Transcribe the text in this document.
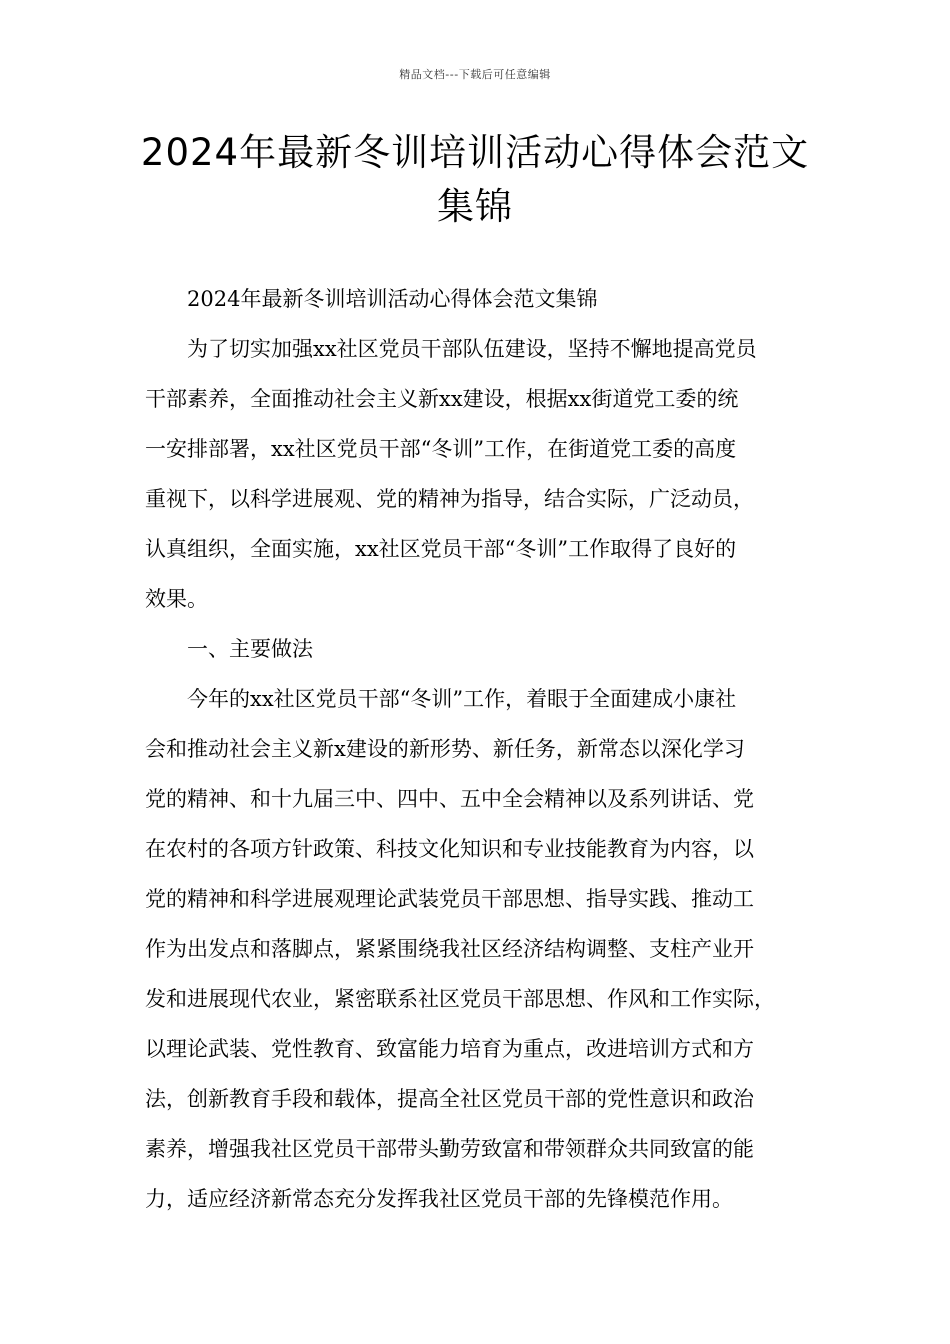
精品文档---下载后可任意编辑
2024年最新冬训培训活动心得体会范文
集锦

2024年最新冬训培训活动心得体会范文集锦

为了切实加强xx社区党员干部队伍建设，坚持不懈地提高党员
干部素养，全面推动社会主义新xx建设，根据xx街道党工委的统
一安排部署，xx社区党员干部“冬训”工作，在街道党工委的高度
重视下，以科学进展观、党的精神为指导，结合实际，广泛动员，
认真组织，全面实施，xx社区党员干部“冬训”工作取得了良好的
效果。

一、主要做法

今年的xx社区党员干部“冬训”工作，着眼于全面建成小康社
会和推动社会主义新x建设的新形势、新任务，新常态以深化学习
党的精神、和十九届三中、四中、五中全会精神以及系列讲话、党
在农村的各项方针政策、科技文化知识和专业技能教育为内容，以
党的精神和科学进展观理论武装党员干部思想、指导实践、推动工
作为出发点和落脚点，紧紧围绕我社区经济结构调整、支柱产业开
发和进展现代农业，紧密联系社区党员干部思想、作风和工作实际，
以理论武装、党性教育、致富能力培育为重点，改进培训方式和方
法，创新教育手段和载体，提高全社区党员干部的党性意识和政治
素养，增强我社区党员干部带头勤劳致富和带领群众共同致富的能
力，适应经济新常态充分发挥我社区党员干部的先锋模范作用。
